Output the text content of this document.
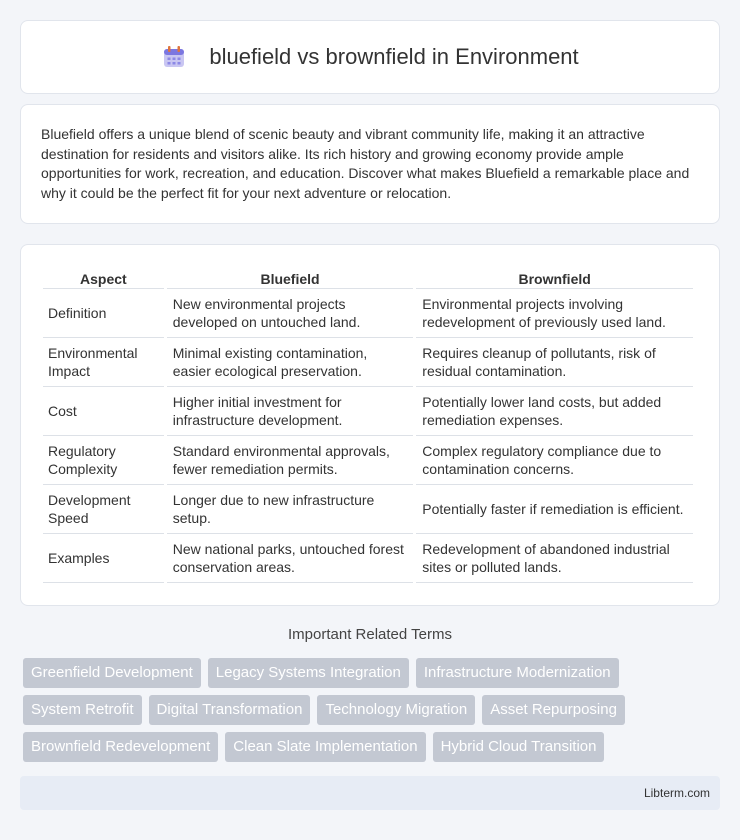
bluefield vs brownfield in Environment

Bluefield offers a unique blend of scenic beauty and vibrant community life, making it an attractive destination for residents and visitors alike. Its rich history and growing economy provide ample opportunities for work, recreation, and education. Discover what makes Bluefield a remarkable place and why it could be the perfect fit for your next adventure or relocation.

Aspect	Bluefield	Brownfield
Definition	New environmental projects developed on untouched land.	Environmental projects involving redevelopment of previously used land.
Environmental Impact	Minimal existing contamination, easier ecological preservation.	Requires cleanup of pollutants, risk of residual contamination.
Cost	Higher initial investment for infrastructure development.	Potentially lower land costs, but added remediation expenses.
Regulatory Complexity	Standard environmental approvals, fewer remediation permits.	Complex regulatory compliance due to contamination concerns.
Development Speed	Longer due to new infrastructure setup.	Potentially faster if remediation is efficient.
Examples	New national parks, untouched forest conservation areas.	Redevelopment of abandoned industrial sites or polluted lands.
Important Related Terms
Greenfield Development	Legacy Systems Integration	Infrastructure Modernization
System Retrofit	Digital Transformation	Technology Migration	Asset Repurposing
Brownfield Redevelopment	Clean Slate Implementation	Hybrid Cloud Transition
Libterm.com
